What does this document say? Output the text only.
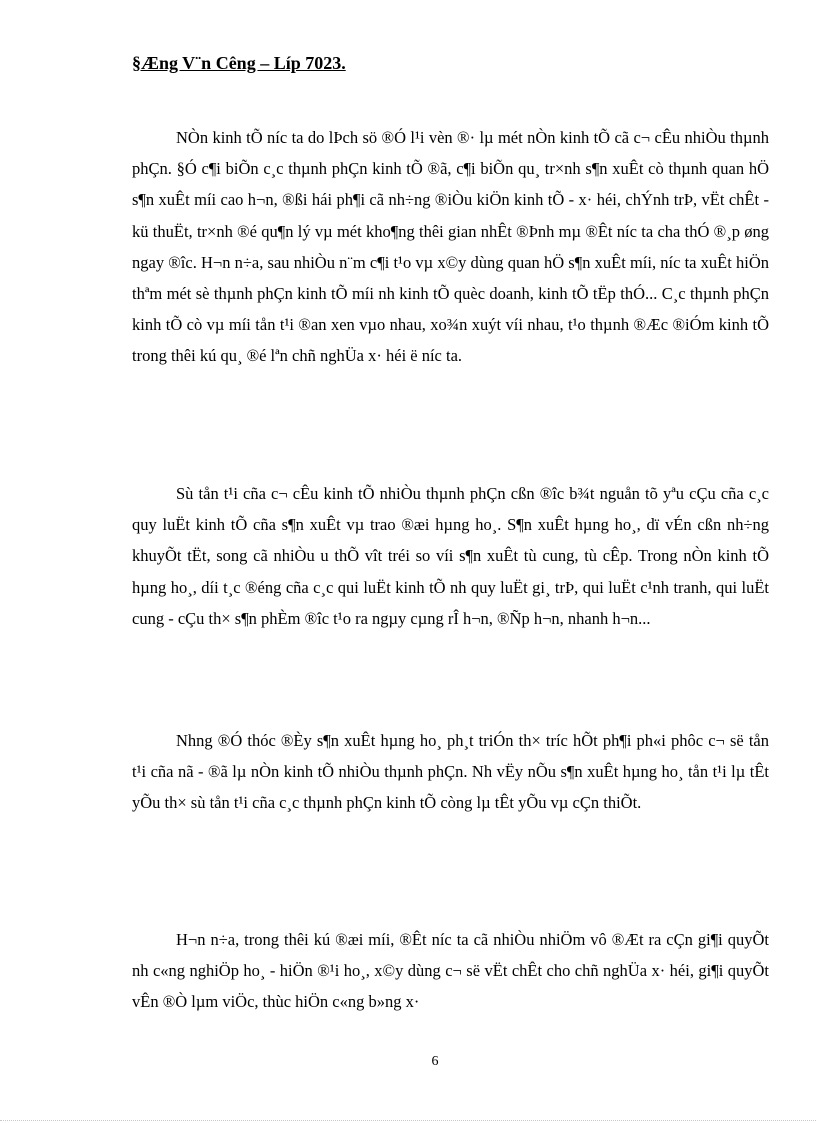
§Æng V¨n Cêng – Líp 7023.

NÒn kinh tÕ níc ta do lÞch sö ®Ó l¹i vèn ®· lµ mét nÒn kinh tÕ cã c¬ cÊu nhiÒu thµnh phÇn. §Ó c¶i biÕn c¸c thµnh phÇn kinh tÕ ®ã, c¶i biÕn qu¸ tr×nh s¶n xuÊt cò thµnh quan hÖ s¶n xuÊt míi cao h¬n, ®ßi hái ph¶i cã nh÷ng ®iÒu kiÖn kinh tÕ - x· héi, chÝnh trÞ, vËt chÊt - kü thuËt, tr×nh ®é qu¶n lý vµ mét kho¶ng thêi gian nhÊt ®Þnh mµ ®Êt níc ta cha thÓ ®¸p øng ngay ®îc. H¬n n÷a, sau nhiÒu n¨m c¶i t¹o vµ x©y dùng quan hÖ s¶n xuÊt míi, níc ta xuÊt hiÖn thªm mét sè thµnh phÇn kinh tÕ míi nh kinh tÕ quèc doanh, kinh tÕ tËp thÓ... C¸c thµnh phÇn kinh tÕ cò vµ míi tån t¹i ®an xen vµo nhau, xo¾n xuýt víi nhau, t¹o thµnh ®Æc ®iÓm kinh tÕ trong thêi kú qu¸ ®é lªn chñ nghÜa x· héi ë níc ta.

Sù tån t¹i cña c¬ cÊu kinh tÕ nhiÒu thµnh phÇn cßn ®îc b¾t nguån tõ yªu cÇu cña c¸c quy luËt kinh tÕ cña s¶n xuÊt vµ trao ®æi hµng ho¸. S¶n xuÊt hµng ho¸, dï vÉn cßn nh÷ng khuyÕt tËt, song cã nhiÒu u thÕ vît tréi so víi s¶n xuÊt tù cung, tù cÊp. Trong nÒn kinh tÕ hµng ho¸, díi t¸c ®éng cña c¸c qui luËt kinh tÕ nh quy luËt gi¸ trÞ, qui luËt c¹nh tranh, qui luËt cung - cÇu th× s¶n phÈm ®îc t¹o ra ngµy cµng rÎ h¬n, ®Ñp h¬n, nhanh h¬n...

Nhng ®Ó thóc ®Èy s¶n xuÊt hµng ho¸ ph¸t triÓn th× tríc hÕt ph¶i ph«i phôc c¬ së tån t¹i cña nã - ®ã lµ nÒn kinh tÕ nhiÒu thµnh phÇn. Nh vËy nÕu s¶n xuÊt hµng ho¸ tån t¹i lµ tÊt yÕu th× sù tån t¹i cña c¸c thµnh phÇn kinh tÕ còng lµ tÊt yÕu vµ cÇn thiÕt.

H¬n n÷a, trong thêi kú ®æi míi, ®Êt níc ta cã nhiÒu nhiÖm vô ®Æt ra cÇn gi¶i quyÕt nh c«ng nghiÖp ho¸ - hiÖn ®¹i ho¸, x©y dùng c¬ së vËt chÊt cho chñ nghÜa x· héi, gi¶i quyÕt vÊn ®Ò lµm viÖc, thùc hiÖn c«ng b»ng x·

6
